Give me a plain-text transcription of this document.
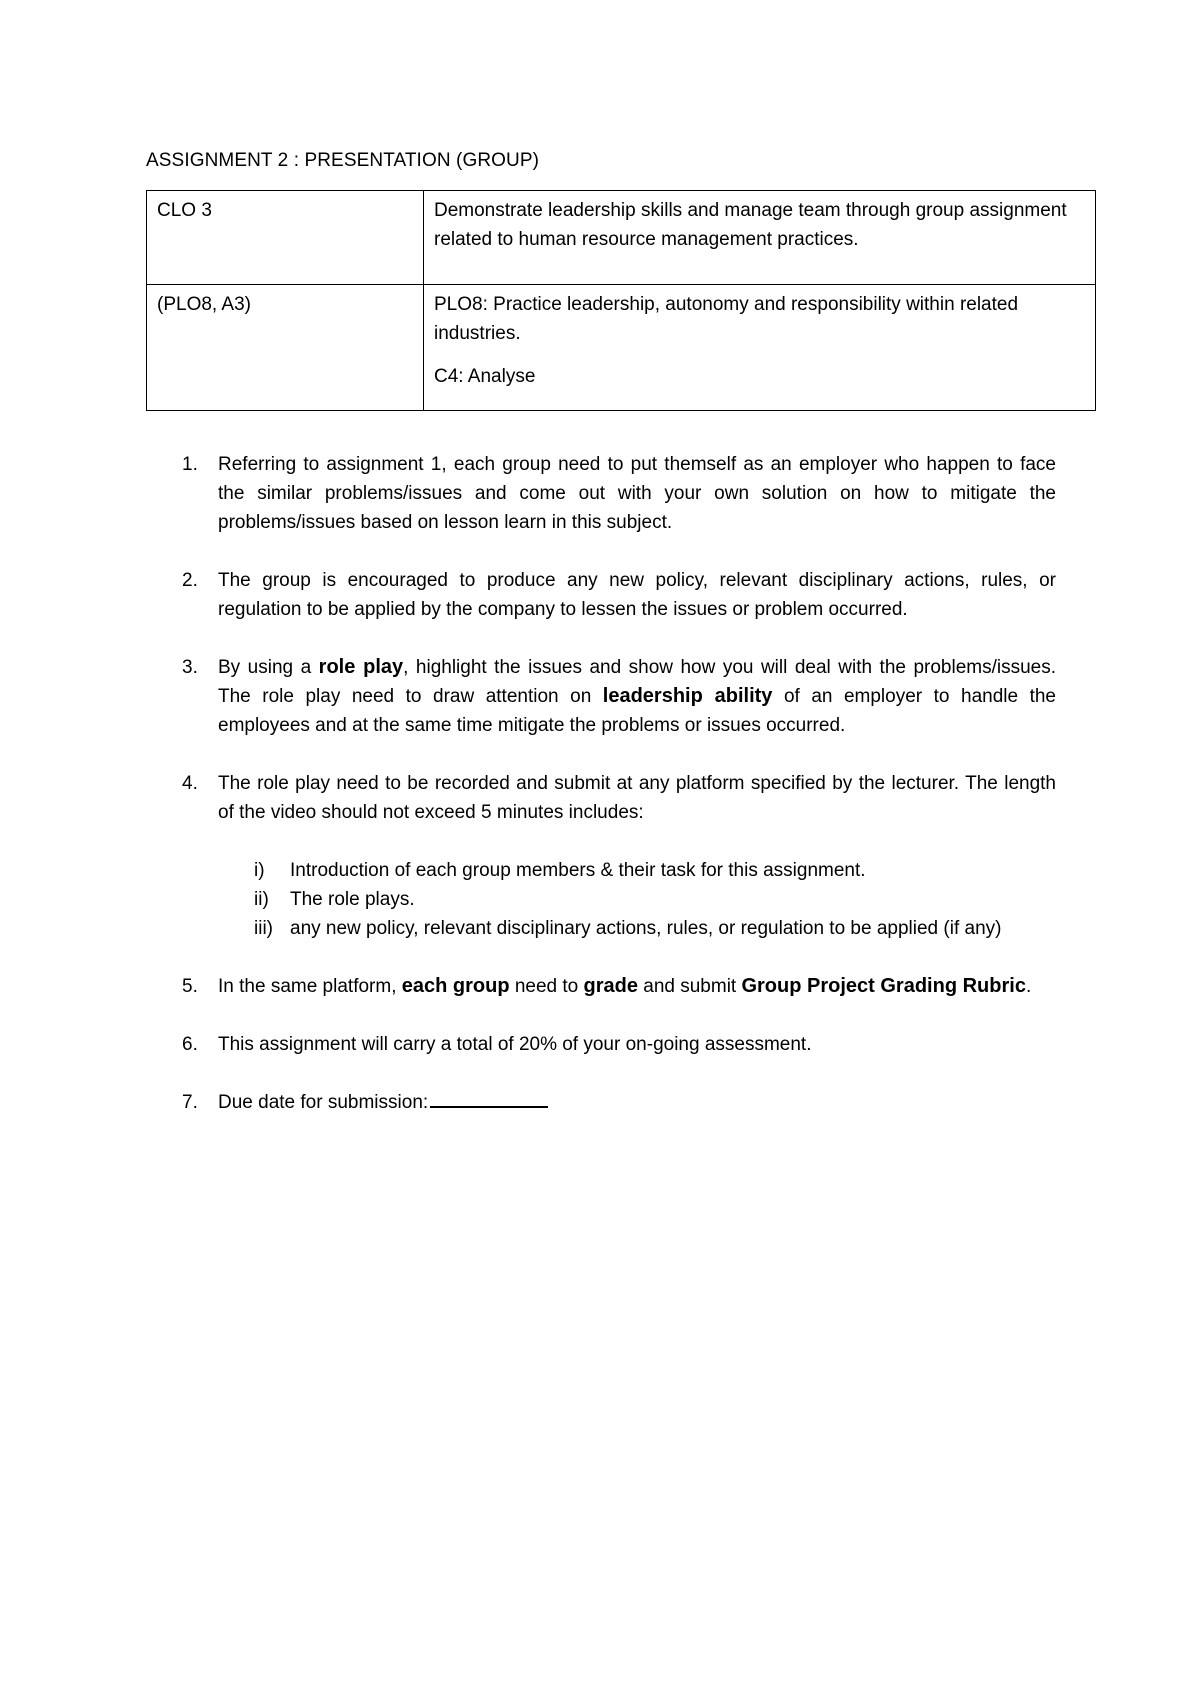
ASSIGNMENT 2 : PRESENTATION (GROUP)
CLO 3	Demonstrate leadership skills and manage team through group assignment related to human resource management practices.
(PLO8, A3)	PLO8: Practice leadership, autonomy and responsibility within related industries.
C4: Analyse
1. Referring to assignment 1, each group need to put themself as an employer who happen to face the similar problems/issues and come out with your own solution on how to mitigate the problems/issues based on lesson learn in this subject.
2. The group is encouraged to produce any new policy, relevant disciplinary actions, rules, or regulation to be applied by the company to lessen the issues or problem occurred.
3. By using a role play, highlight the issues and show how you will deal with the problems/issues. The role play need to draw attention on leadership ability of an employer to handle the employees and at the same time mitigate the problems or issues occurred.
4. The role play need to be recorded and submit at any platform specified by the lecturer. The length of the video should not exceed 5 minutes includes:
i) Introduction of each group members & their task for this assignment.
ii) The role plays.
iii) any new policy, relevant disciplinary actions, rules, or regulation to be applied (if any)
5. In the same platform, each group need to grade and submit Group Project Grading Rubric.
6. This assignment will carry a total of 20% of your on-going assessment.
7. Due date for submission:
